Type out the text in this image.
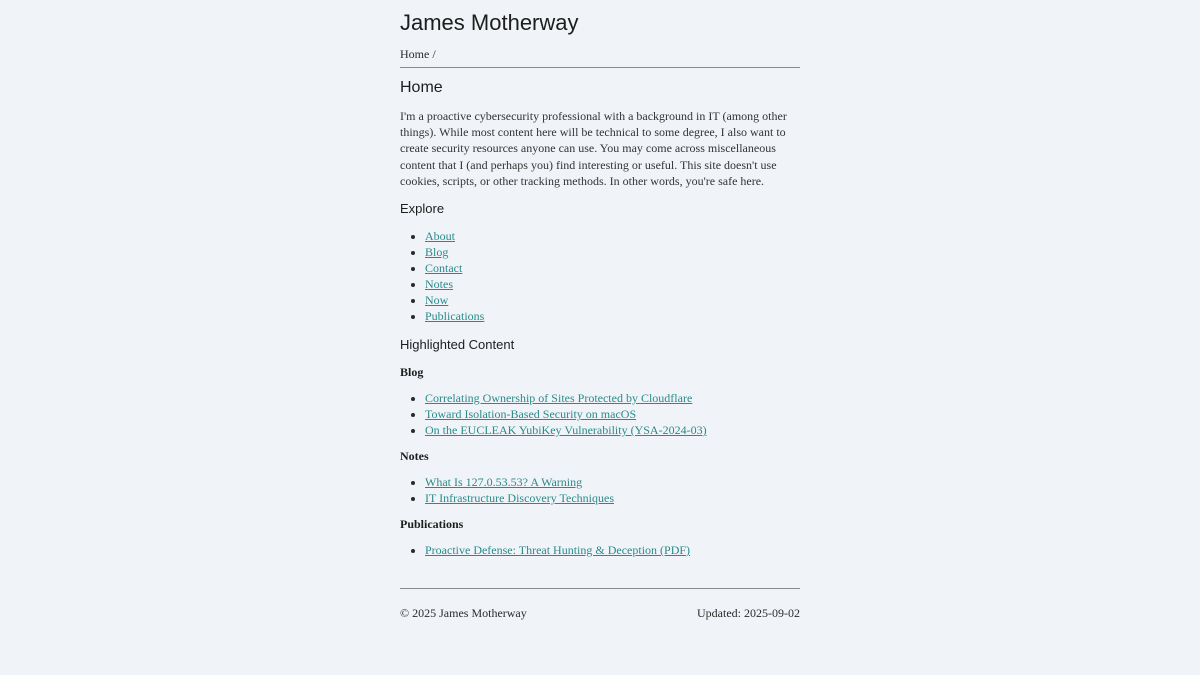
James Motherway
Home /
Home

I'm a proactive cybersecurity professional with a background in IT (among other things). While most content here will be technical to some degree, I also want to create security resources anyone can use. You may come across miscellaneous content that I (and perhaps you) find interesting or useful. This site doesn't use cookies, scripts, or other tracking methods. In other words, you're safe here.

Explore
• About
• Blog
• Contact
• Notes
• Now
• Publications
Highlighted Content
Blog
• Correlating Ownership of Sites Protected by Cloudflare
• Toward Isolation-Based Security on macOS
• On the EUCLEAK YubiKey Vulnerability (YSA-2024-03)
Notes
• What Is 127.0.53.53? A Warning
• IT Infrastructure Discovery Techniques
Publications
• Proactive Defense: Threat Hunting & Deception (PDF)
© 2025 James Motherway	Updated: 2025-09-02
